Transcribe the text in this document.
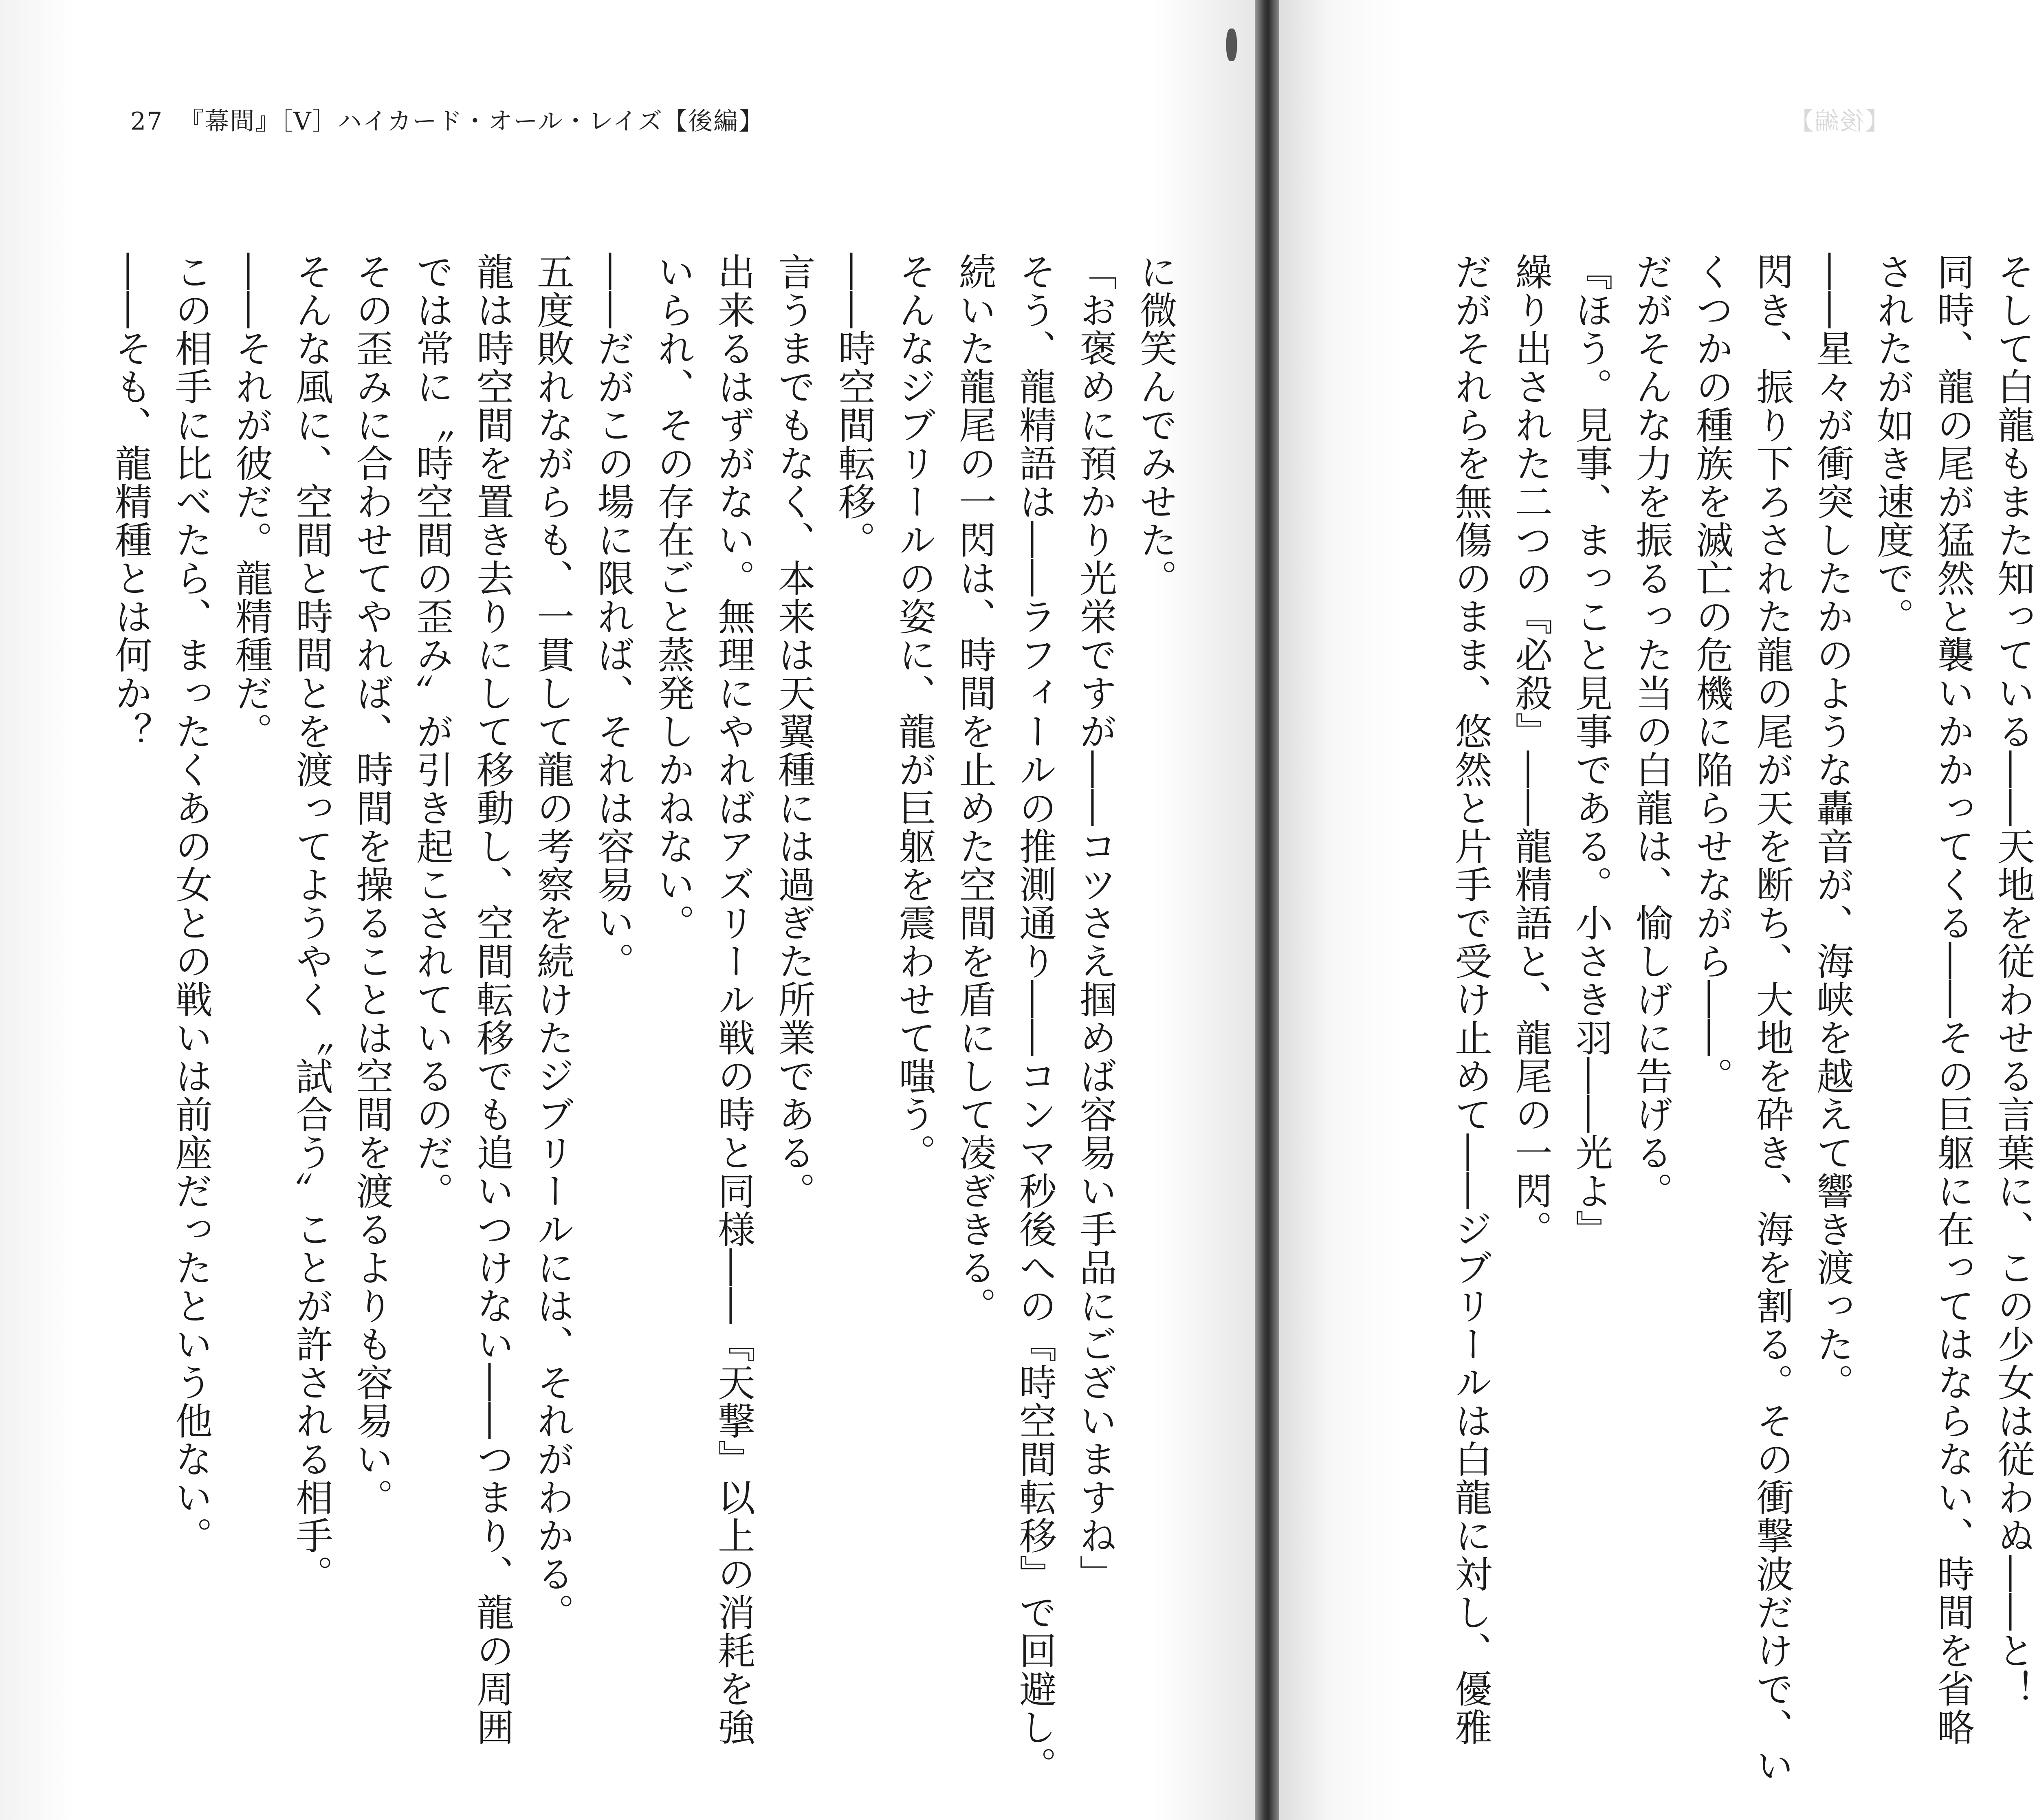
27 『幕間』［V］ハイカード・オール・レイズ【後編】
に微笑んでみせた。
「お褒めに預かり光栄ですが――コツさえ掴めば容易い手品にございますね」
そう、龍精語は――ラフィールの推測通り――コンマ秒後への『時空間転移』で回避し。
続いた龍尾の一閃は、時間を止めた空間を盾にして凌ぎきる。
そんなジブリールの姿に、龍が巨躯を震わせて嗤う。
――時空間転移。
言うまでもなく、本来は天翼種には過ぎた所業である。
出来るはずがない。無理にやればアズリール戦の時と同様――『天撃』以上の消耗を強
いられ、その存在ごと蒸発しかねない。
――だがこの場に限れば、それは容易い。
五度敗れながらも、一貫して龍の考察を続けたジブリールには、それがわかる。
龍は時空間を置き去りにして移動し、空間転移でも追いつけない――つまり、龍の周囲
では常に〝時空間の歪み〟が引き起こされているのだ。
その歪みに合わせてやれば、時間を操ることは空間を渡るよりも容易い。
そんな風に、空間と時間とを渡ってようやく〝試合う〟ことが許される相手。
――それが彼だ。龍精種だ。
この相手に比べたら、まったくあの女との戦いは前座だったという他ない。
――そも、龍精種とは何か？
【後編】
そして白龍もまた知っている――天地を従わせる言葉に、この少女は従わぬ――と！
同時、龍の尾が猛然と襲いかかってくる――その巨躯に在ってはならない、時間を省略
されたが如き速度で。
――星々が衝突したかのような轟音が、海峡を越えて響き渡った。
閃き、振り下ろされた龍の尾が天を断ち、大地を砕き、海を割る。その衝撃波だけで、い
くつかの種族を滅亡の危機に陥らせながら――。
だがそんな力を振るった当の白龍は、愉しげに告げる。
『ほう。見事、まっこと見事である。小さき羽――光よ』
繰り出された二つの『必殺』――龍精語と、龍尾の一閃。
だがそれらを無傷のまま、悠然と片手で受け止めて――ジブリールは白龍に対し、優雅
